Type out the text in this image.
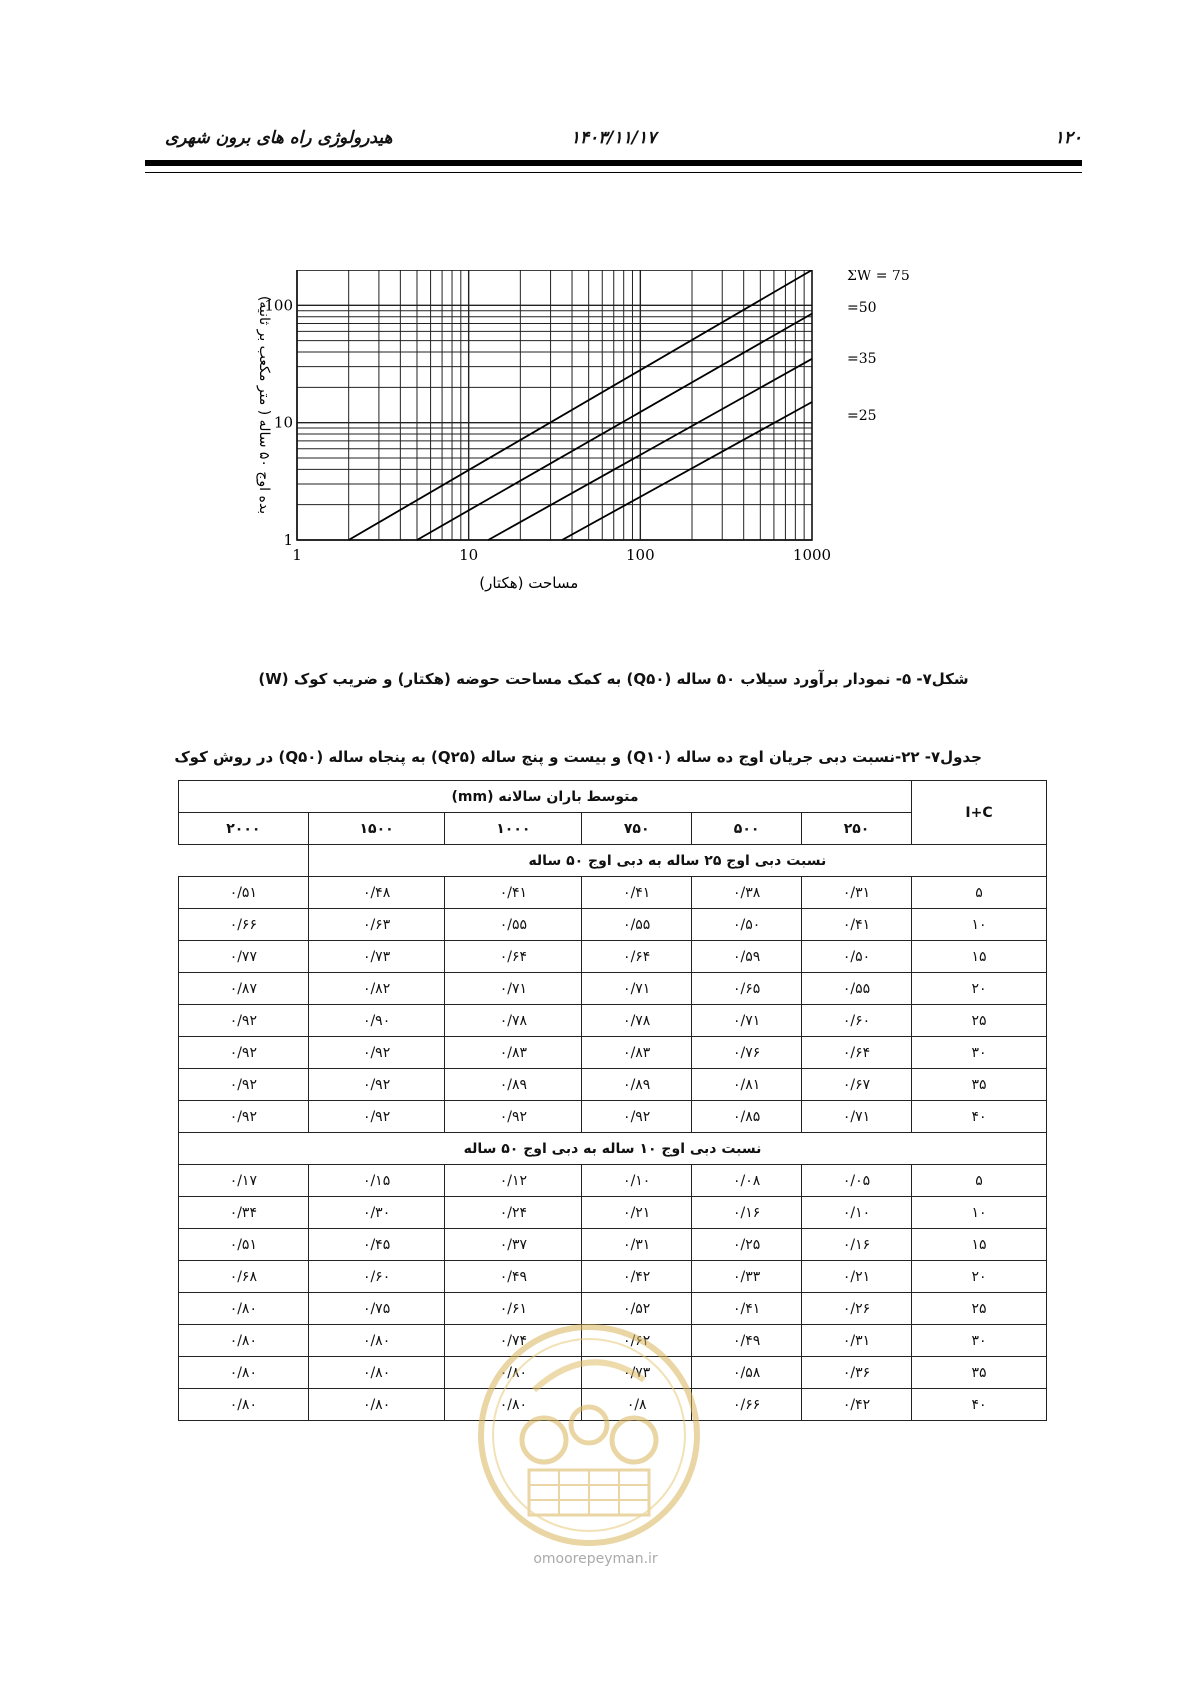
۱۲۰
۱۴۰۳/۱۱/۱۷
هیدرولوژی راه های برون شهری
1	10	100	1000
1
10
100
ΣW = 75
=50
=35
=25
مساحت (هکتار)
بده اوج ۵۰ ساله ( متر مکعب بر ثانیه)
شکل۷- ۵- نمودار برآورد سیلاب ۵۰ ساله (Q۵۰) به کمک مساحت حوضه (هکتار) و ضریب کوک (W)
جدول۷- ۲۲-نسبت دبی جریان اوج ده ساله (Q۱۰) و بیست و پنج ساله (Q۲۵) به پنجاه ساله (Q۵۰) در روش کوک
I+C	متوسط باران سالانه (mm)					
	۲۵۰	۵۰۰	۷۵۰	۱۰۰۰	۱۵۰۰	۲۰۰۰
نسبت دبی اوج ۲۵ ساله به دبی اوج ۵۰ ساله						
۵	۰/۳۱	۰/۳۸	۰/۴۱	۰/۴۱	۰/۴۸	۰/۵۱
۱۰	۰/۴۱	۰/۵۰	۰/۵۵	۰/۵۵	۰/۶۳	۰/۶۶
۱۵	۰/۵۰	۰/۵۹	۰/۶۴	۰/۶۴	۰/۷۳	۰/۷۷
۲۰	۰/۵۵	۰/۶۵	۰/۷۱	۰/۷۱	۰/۸۲	۰/۸۷
۲۵	۰/۶۰	۰/۷۱	۰/۷۸	۰/۷۸	۰/۹۰	۰/۹۲
۳۰	۰/۶۴	۰/۷۶	۰/۸۳	۰/۸۳	۰/۹۲	۰/۹۲
۳۵	۰/۶۷	۰/۸۱	۰/۸۹	۰/۸۹	۰/۹۲	۰/۹۲
۴۰	۰/۷۱	۰/۸۵	۰/۹۲	۰/۹۲	۰/۹۲	۰/۹۲
نسبت دبی اوج ۱۰ ساله به دبی اوج ۵۰ ساله						
۵	۰/۰۵	۰/۰۸	۰/۱۰	۰/۱۲	۰/۱۵	۰/۱۷
۱۰	۰/۱۰	۰/۱۶	۰/۲۱	۰/۲۴	۰/۳۰	۰/۳۴
۱۵	۰/۱۶	۰/۲۵	۰/۳۱	۰/۳۷	۰/۴۵	۰/۵۱
۲۰	۰/۲۱	۰/۳۳	۰/۴۲	۰/۴۹	۰/۶۰	۰/۶۸
۲۵	۰/۲۶	۰/۴۱	۰/۵۲	۰/۶۱	۰/۷۵	۰/۸۰
۳۰	۰/۳۱	۰/۴۹	۰/۶۲	۰/۷۴	۰/۸۰	۰/۸۰
۳۵	۰/۳۶	۰/۵۸	۰/۷۳	۰/۸۰	۰/۸۰	۰/۸۰
۴۰	۰/۴۲	۰/۶۶	۰/۸	۰/۸۰	۰/۸۰	۰/۸۰
omoorepeyman.ir
